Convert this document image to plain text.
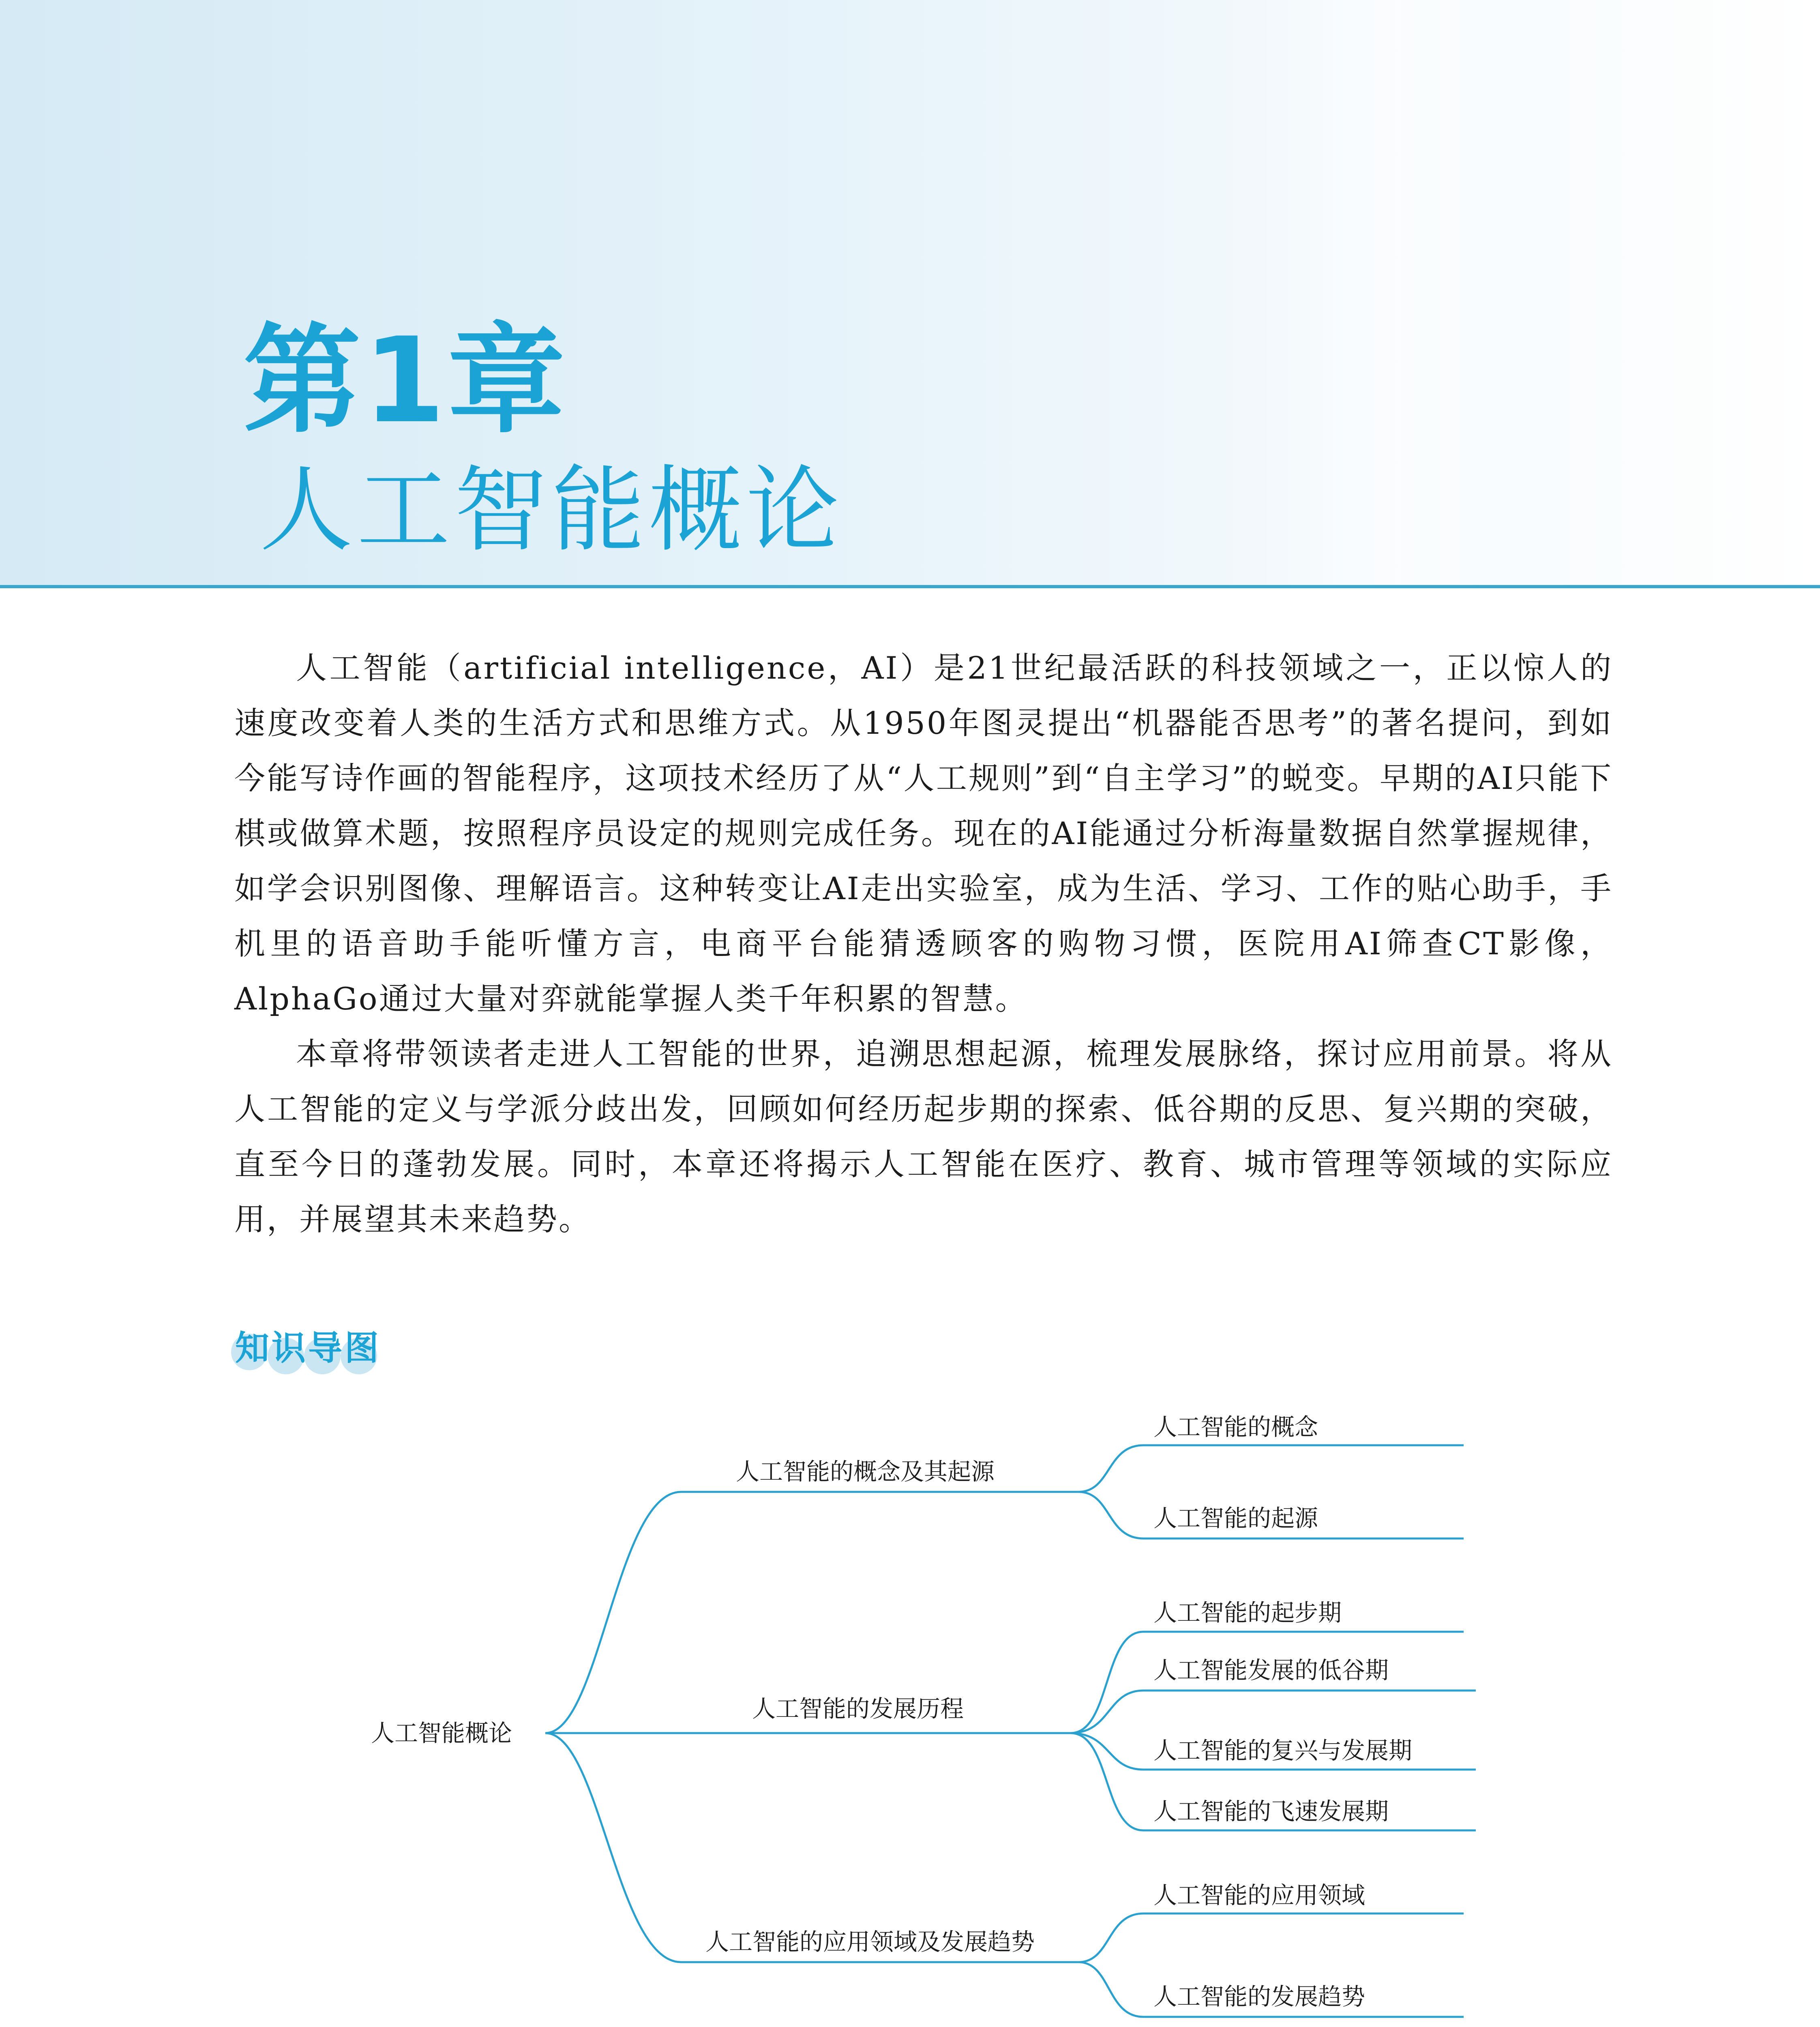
第1章
人工智能概论

人工智能（artificial intelligence，AI）是21世纪最活跃的科技领域之一，正以惊人的速度改变着人类的生活方式和思维方式。从1950年图灵提出“机器能否思考”的著名提问，到如今能写诗作画的智能程序，这项技术经历了从“人工规则”到“自主学习”的蜕变。早期的AI只能下棋或做算术题，按照程序员设定的规则完成任务。现在的AI能通过分析海量数据自然掌握规律，如学会识别图像、理解语言。这种转变让AI走出实验室，成为生活、学习、工作的贴心助手，手机里的语音助手能听懂方言，电商平台能猜透顾客的购物习惯，医院用AI筛查CT影像，AlphaGo通过大量对弈就能掌握人类千年积累的智慧。

本章将带领读者走进人工智能的世界，追溯思想起源，梳理发展脉络，探讨应用前景。将从人工智能的定义与学派分歧出发，回顾如何经历起步期的探索、低谷期的反思、复兴期的突破，直至今日的蓬勃发展。同时，本章还将揭示人工智能在医疗、教育、城市管理等领域的实际应用，并展望其未来趋势。

知识导图
人工智能概论
人工智能的概念及其起源
人工智能的发展历程
人工智能的应用领域及发展趋势
人工智能的概念
人工智能的起源
人工智能的起步期
人工智能发展的低谷期
人工智能的复兴与发展期
人工智能的飞速发展期
人工智能的应用领域
人工智能的发展趋势
